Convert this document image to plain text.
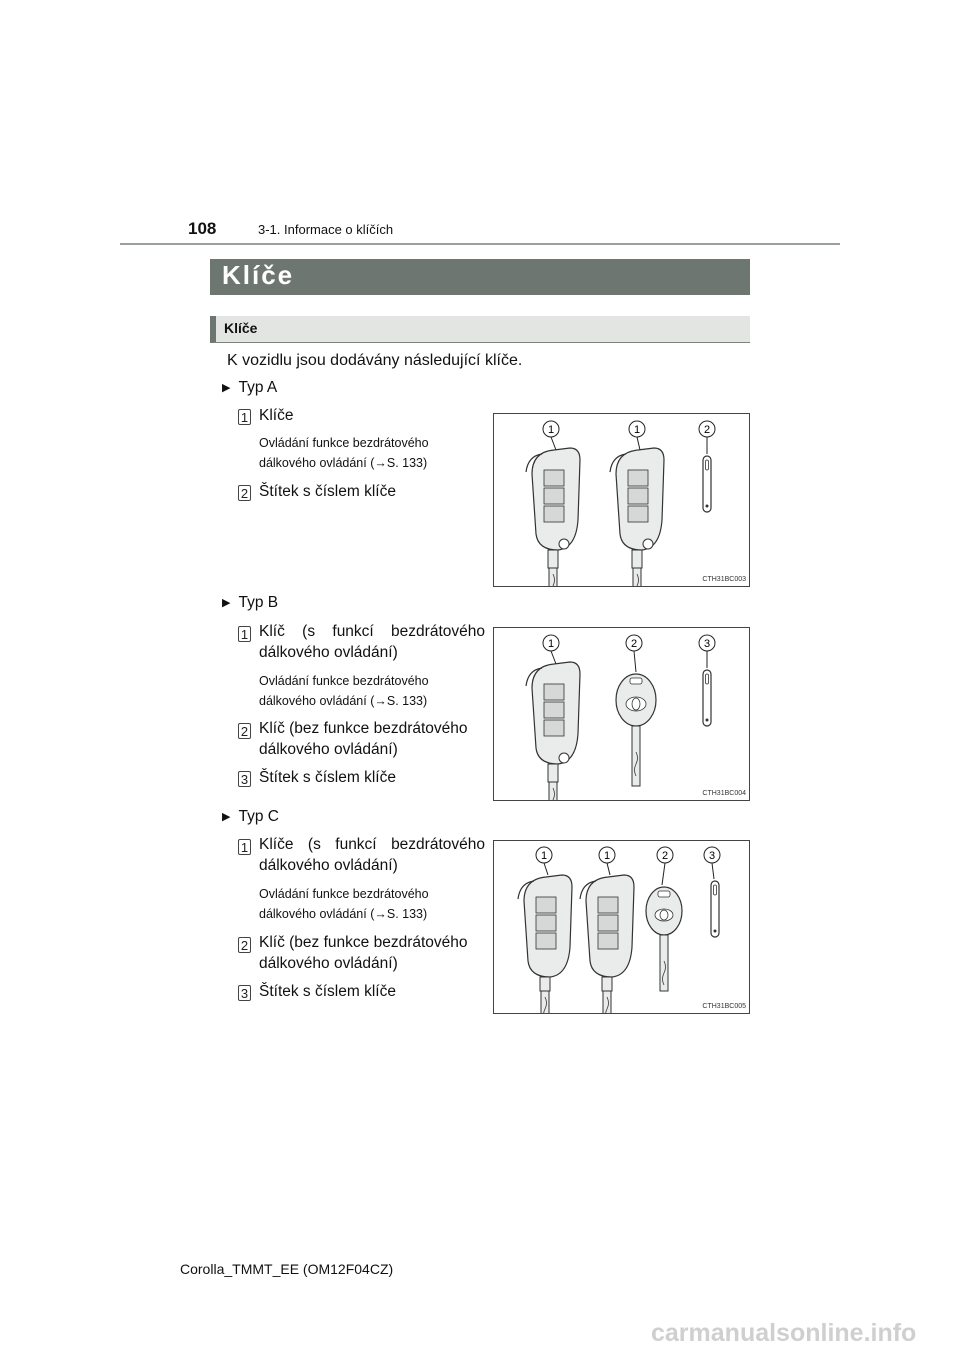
108	3-1. Informace o klíčích
Klíče
Klíče
K vozidlu jsou dodávány následující klíče.
▶ Typ A
1 Klíče
Ovládání funkce bezdrátového dálkového ovládání (→S. 133)
2 Štítek s číslem klíče
1	1	2
CTH31BC003
▶ Typ B
1 Klíč (s funkcí bezdrátového dálkového ovládání)
Ovládání funkce bezdrátového dálkového ovládání (→S. 133)
2 Klíč (bez funkce bezdrátového dálkového ovládání)
3 Štítek s číslem klíče
1	2	3
CTH31BC004
▶ Typ C
1 Klíče (s funkcí bezdrátového dálkového ovládání)
Ovládání funkce bezdrátového dálkového ovládání (→S. 133)
2 Klíč (bez funkce bezdrátového dálkového ovládání)
3 Štítek s číslem klíče
1	1	2	3
CTH31BC005
Corolla_TMMT_EE (OM12F04CZ)
carmanualsonline.info
